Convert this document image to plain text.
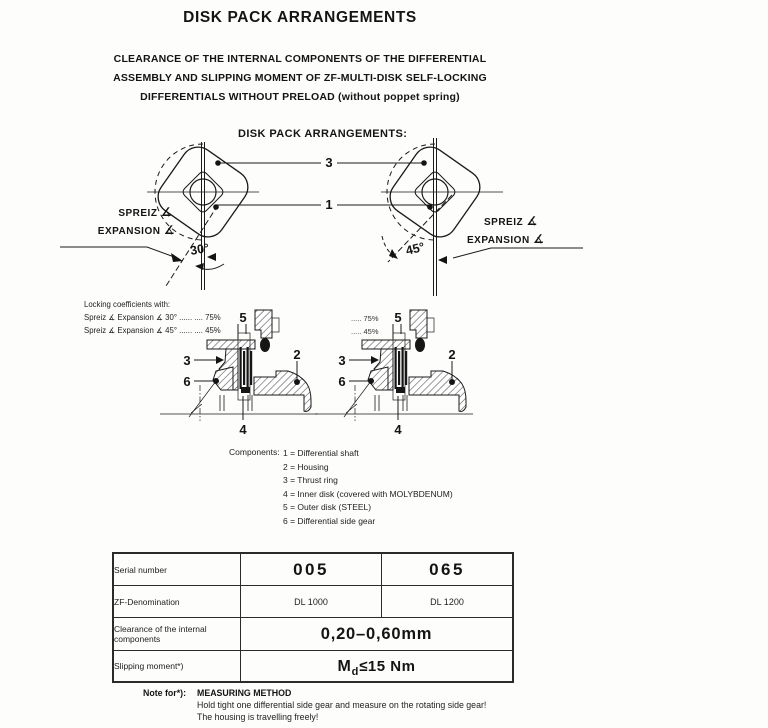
DISK PACK ARRANGEMENTS
CLEARANCE OF THE INTERNAL COMPONENTS OF THE DIFFERENTIAL
ASSEMBLY AND SLIPPING MOMENT OF ZF-MULTI-DISK SELF-LOCKING
DIFFERENTIALS WITHOUT PRELOAD (without poppet spring)
DISK PACK ARRANGEMENTS:
3
1
30°	45°
SPREIZ ∡
EXPANSION ∡
SPREIZ ∡
EXPANSION ∡
Locking coefficients with:
Spreiz ∡ Expansion ∡ 30° ...... .... 75%
Spreiz ∡ Expansion ∡ 45° ...... .... 45%
..... 75%
..... 45%
5
2
3
6
4
5
2
3
6
4
Components: 1 = Differential shaft
2 = Housing
3 = Thrust ring
4 = Inner disk (covered with MOLYBDENUM)
5 = Outer disk (STEEL)
6 = Differential side gear
Serial number	005	065
ZF-Denomination	DL 1000	DL 1200
Clearance of the internal components	0,20–0,60mm	
Slipping moment*)	Md≤15 Nm	
Note for*): MEASURING METHOD
Hold tight one differential side gear and measure on the rotating side gear!
The housing is travelling freely!
